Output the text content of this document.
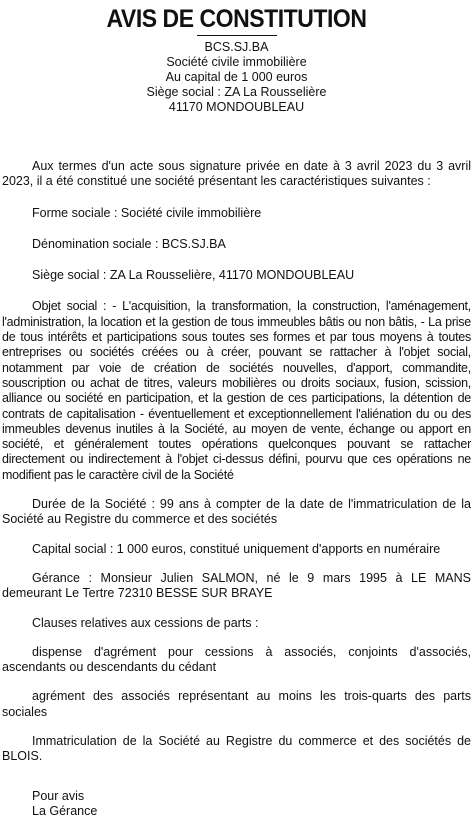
AVIS DE CONSTITUTION
BCS.SJ.BA
Société civile immobilière
Au capital de 1 000 euros
Siège social : ZA La Rousselière
41170 MONDOUBLEAU

Aux termes d'un acte sous signature privée en date à 3 avril 2023 du 3 avril 2023, il a été constitué une société présentant les caractéristiques suivantes :

Forme sociale : Société civile immobilière

Dénomination sociale : BCS.SJ.BA

Siège social : ZA La Rousselière, 41170 MONDOUBLEAU

Objet social : - L'acquisition, la transformation, la construction, l'aménagement, l'administration, la location et la gestion de tous immeubles bâtis ou non bâtis, - La prise de tous intérêts et participations sous toutes ses formes et par tous moyens à toutes entreprises ou sociétés créées ou à créer, pouvant se rattacher à l'objet social, notamment par voie de création de sociétés nouvelles, d'apport, commandite, souscription ou achat de titres, valeurs mobilières ou droits sociaux, fusion, scission, alliance ou société en participation, et la gestion de ces participations, la détention de contrats de capitalisation - éventuellement et exceptionnellement l'aliénation du ou des immeubles devenus inutiles à la Société, au moyen de vente, échange ou apport en société, et généralement toutes opérations quelconques pouvant se rattacher directement ou indirectement à l'objet ci-dessus défini, pourvu que ces opérations ne modifient pas le caractère civil de la Société

Durée de la Société : 99 ans à compter de la date de l'immatriculation de la Société au Registre du commerce et des sociétés

Capital social : 1 000 euros, constitué uniquement d'apports en numéraire

Gérance : Monsieur Julien SALMON, né le 9 mars 1995 à LE MANS demeurant Le Tertre 72310 BESSE SUR BRAYE

Clauses relatives aux cessions de parts :

dispense d'agrément pour cessions à associés, conjoints d'associés, ascendants ou descendants du cédant

agrément des associés représentant au moins les trois-quarts des parts sociales

Immatriculation de la Société au Registre du commerce et des sociétés de BLOIS.

Pour avis
La Gérance
